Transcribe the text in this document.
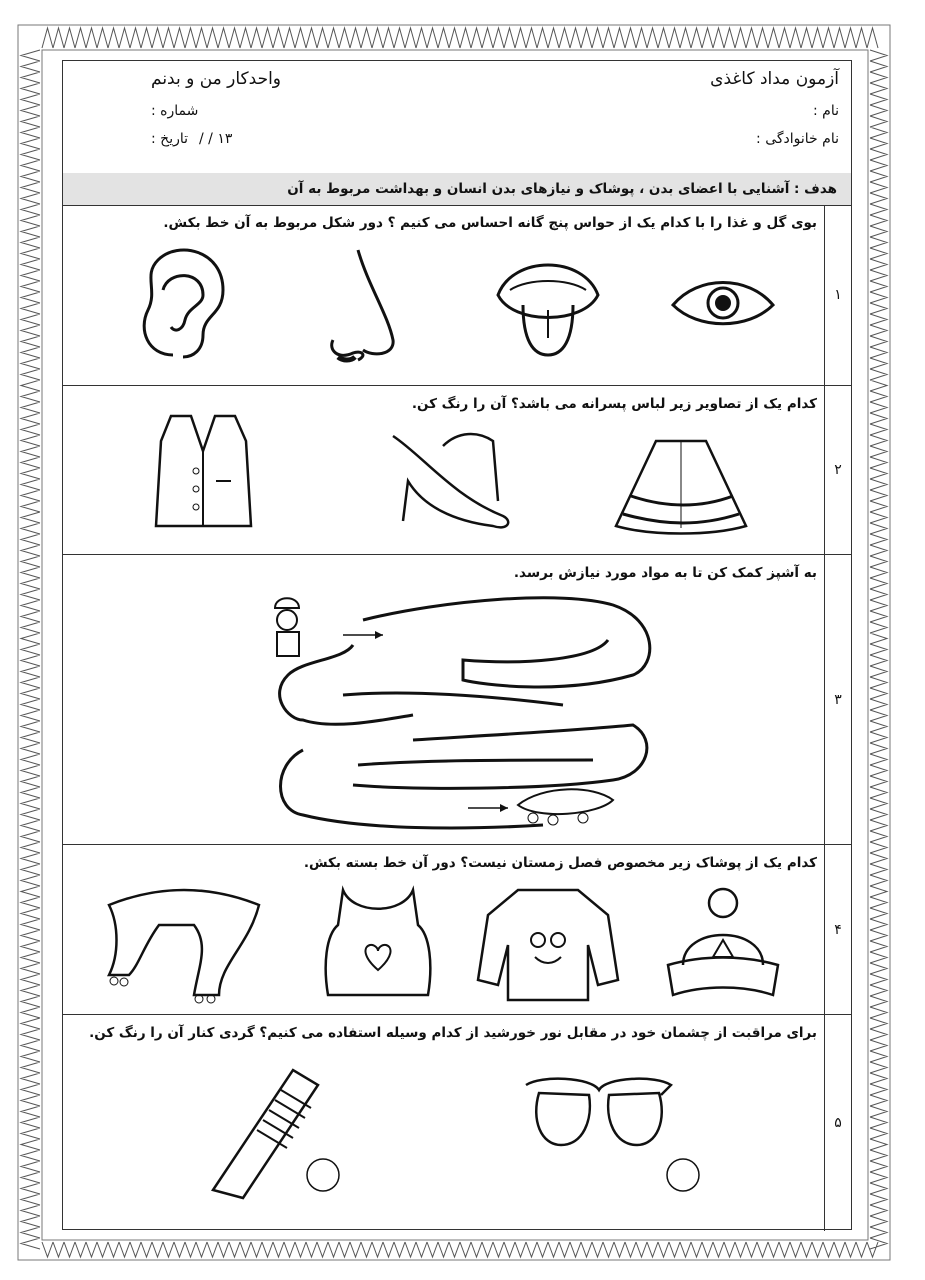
آزمون مداد کاغذی
واحدکار من و بدنم
نام :
نام خانوادگی :
شماره :
تاریخ : / / ۱۳
هدف : آشنایی با اعضای بدن ، پوشاک و نیازهای بدن انسان و بهداشت مربوط به آن
۱
بوی گل و غذا را با کدام یک از حواس پنج گانه احساس می کنیم ؟ دور شکل مربوط به آن خط بکش.
۲
کدام یک از تصاویر زیر لباس پسرانه می باشد؟ آن را رنگ کن.
۳
به آشپز کمک کن تا به مواد مورد نیازش برسد.
۴
کدام یک از پوشاک زیر مخصوص فصل زمستان نیست؟ دور آن خط بسته بکش.
۵
برای مراقبت از چشمان خود در مقابل نور خورشید از کدام وسیله استفاده می کنیم؟ گردی کنار آن را رنگ کن.
